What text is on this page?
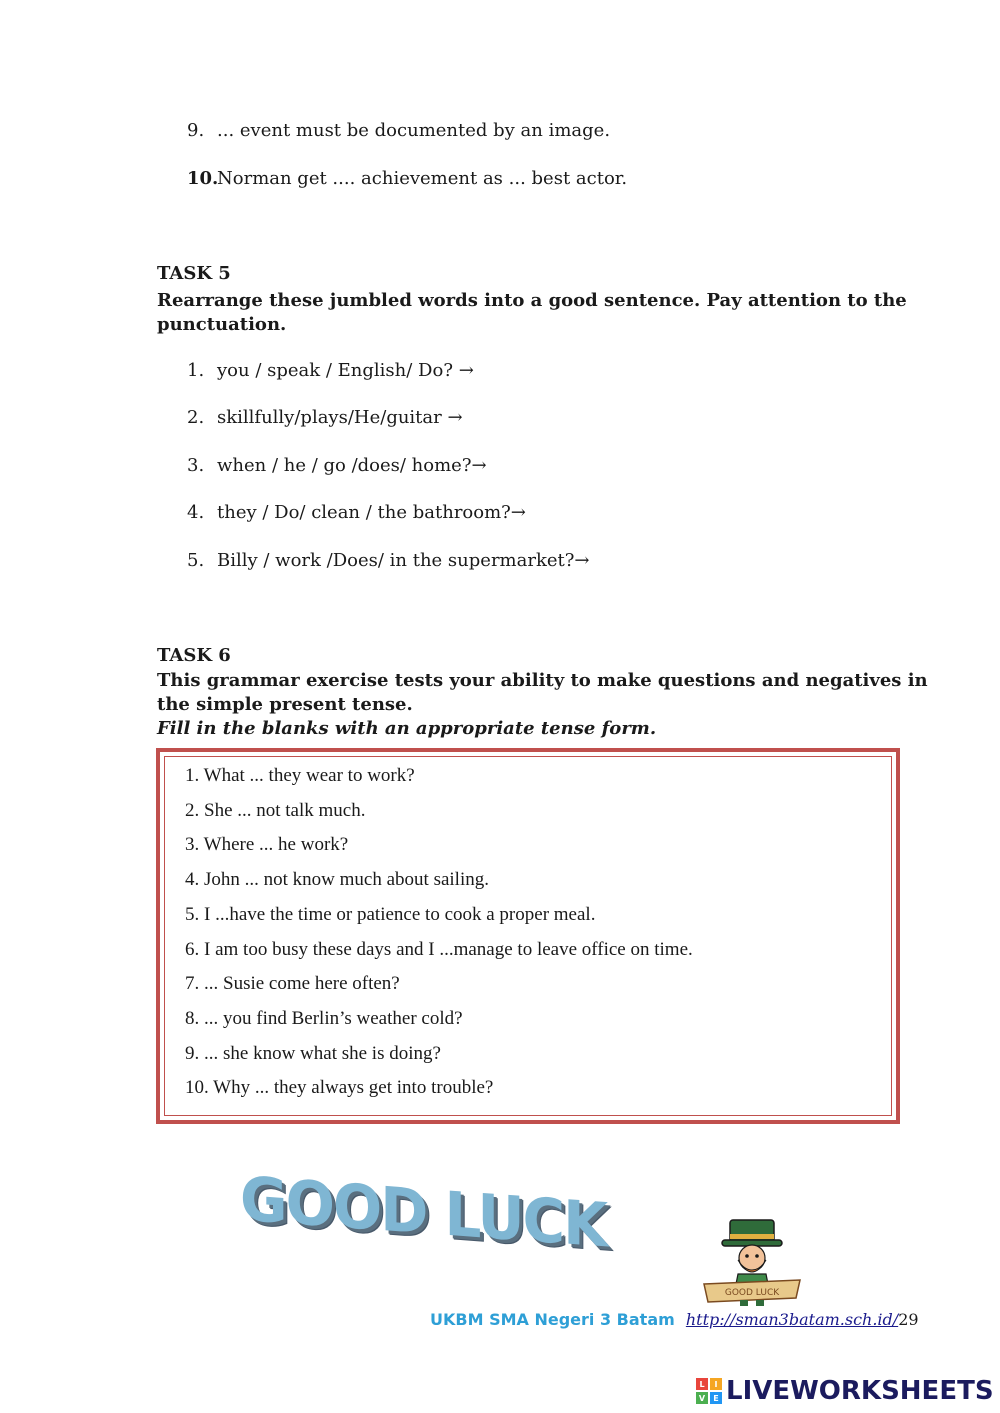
9. ... event must be documented by an image.
10.Norman get .... achievement as ... best actor.
TASK 5
Rearrange these jumbled words into a good sentence. Pay attention to the
punctuation.
1. you / speak / English/ Do? →
2. skillfully/plays/He/guitar →
3. when / he / go /does/ home?→
4. they / Do/ clean / the bathroom?→
5. Billy / work /Does/ in the supermarket?→
TASK 6
This grammar exercise tests your ability to make questions and negatives in
the simple present tense.
Fill in the blanks with an appropriate tense form.
1. What ... they wear to work?
2. She ... not talk much.
3. Where ... he work?
4. John ... not know much about sailing.
5. I ...have the time or patience to cook a proper meal.
6. I am too busy these days and I ...manage to leave office on time.
7. ... Susie come here often?
8. ... you find Berlin’s weather cold?
9. ... she know what she is doing?
10. Why ... they always get into trouble?
GOOD LUCK
GOOD LUCK
UKBM SMA Negeri 3 Batam http://sman3batam.sch.id/29
L	I
V	E LIVEWORKSHEETS
